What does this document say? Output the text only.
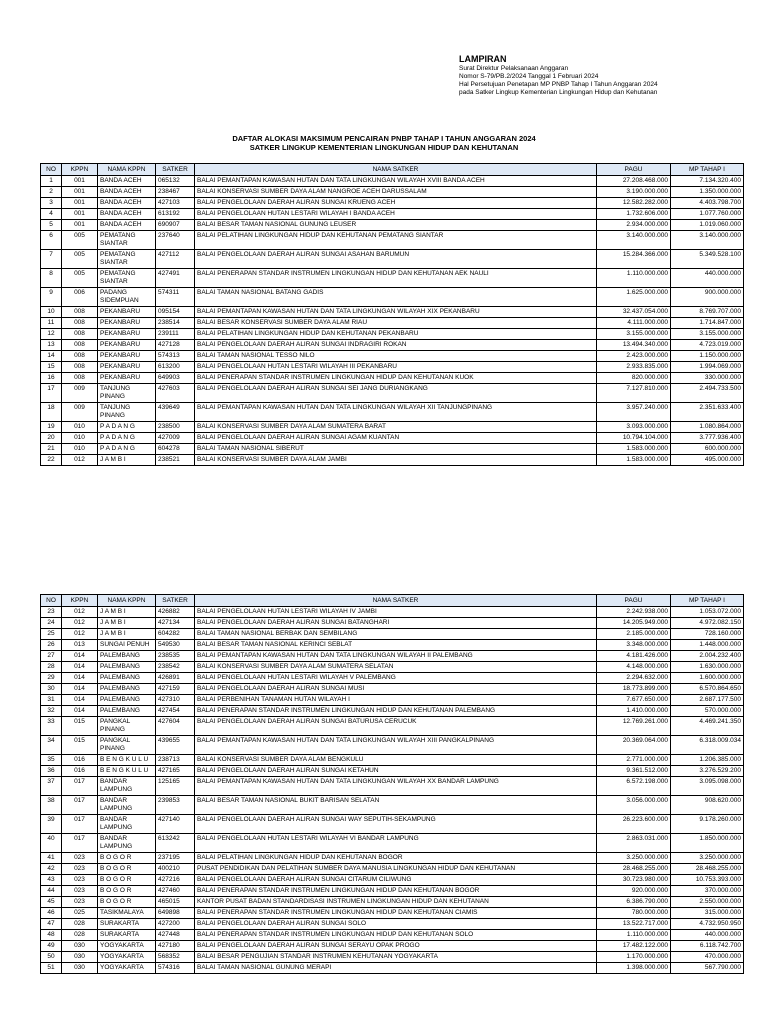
LAMPIRAN
Surat Direktur Pelaksanaan Anggaran
Nomor S-79/PB.2/2024 Tanggal 1 Februari 2024
Hal Persetujuan Penetapan MP PNBP Tahap I Tahun Anggaran 2024
pada Satker Lingkup Kementerian Lingkungan Hidup dan Kehutanan
DAFTAR ALOKASI MAKSIMUM PENCAIRAN PNBP TAHAP I TAHUN ANGGARAN 2024
SATKER LINGKUP KEMENTERIAN LINGKUNGAN HIDUP DAN KEHUTANAN
NO	KPPN	NAMA KPPN	SATKER	NAMA SATKER	PAGU	MP TAHAP I
1	001	BANDA ACEH	065132	BALAI PEMANTAPAN KAWASAN HUTAN DAN TATA LINGKUNGAN WILAYAH XVIII BANDA ACEH	27.208.468.000	7.134.320.400
2	001	BANDA ACEH	238467	BALAI KONSERVASI SUMBER DAYA ALAM NANGROE ACEH DARUSSALAM	3.190.000.000	1.350.000.000
3	001	BANDA ACEH	427103	BALAI PENGELOLAAN DAERAH ALIRAN SUNGAI KRUENG ACEH	12.582.282.000	4.403.798.700
4	001	BANDA ACEH	613192	BALAI PENGELOLAAN HUTAN LESTARI WILAYAH I BANDA ACEH	1.732.606.000	1.077.760.000
5	001	BANDA ACEH	690907	BALAI BESAR TAMAN NASIONAL GUNUNG LEUSER	2.934.000.000	1.019.060.000
6	005	PEMATANG SIANTAR	237640	BALAI PELATIHAN LINGKUNGAN HIDUP DAN KEHUTANAN PEMATANG SIANTAR	3.140.000.000	3.140.000.000
7	005	PEMATANG SIANTAR	427112	BALAI PENGELOLAAN DAERAH ALIRAN SUNGAI ASAHAN BARUMUN	15.284.366.000	5.349.528.100
8	005	PEMATANG SIANTAR	427491	BALAI PENERAPAN STANDAR INSTRUMEN LINGKUNGAN HIDUP DAN KEHUTANAN AEK NAULI	1.110.000.000	440.000.000
9	006	PADANG SIDEMPUAN	574311	BALAI TAMAN NASIONAL BATANG GADIS	1.625.000.000	900.000.000
10	008	PEKANBARU	095154	BALAI PEMANTAPAN KAWASAN HUTAN DAN TATA LINGKUNGAN WILAYAH XIX PEKANBARU	32.437.054.000	8.769.707.000
11	008	PEKANBARU	238514	BALAI BESAR KONSERVASI SUMBER DAYA ALAM RIAU	4.111.000.000	1.714.847.000
12	008	PEKANBARU	239111	BALAI PELATIHAN LINGKUNGAN HIDUP DAN KEHUTANAN PEKANBARU	3.155.000.000	3.155.000.000
13	008	PEKANBARU	427128	BALAI PENGELOLAAN DAERAH ALIRAN SUNGAI INDRAGIRI ROKAN	13.494.340.000	4.723.019.000
14	008	PEKANBARU	574313	BALAI TAMAN NASIONAL TESSO NILO	2.423.000.000	1.150.000.000
15	008	PEKANBARU	613200	BALAI PENGELOLAAN HUTAN LESTARI WILAYAH III PEKANBARU	2.933.835.000	1.994.069.000
16	008	PEKANBARU	649903	BALAI PENERAPAN STANDAR INSTRUMEN LINGKUNGAN HIDUP DAN KEHUTANAN KUOK	820.000.000	330.000.000
17	009	TANJUNG PINANG	427603	BALAI PENGELOLAAN DAERAH ALIRAN SUNGAI SEI JANG DURIANGKANG	7.127.810.000	2.494.733.500
18	009	TANJUNG PINANG	439649	BALAI PEMANTAPAN KAWASAN HUTAN DAN TATA LINGKUNGAN WILAYAH XII TANJUNGPINANG	3.957.240.000	2.351.633.400
19	010	P A D A N G	238500	BALAI KONSERVASI SUMBER DAYA ALAM SUMATERA BARAT	3.093.000.000	1.080.864.000
20	010	P A D A N G	427009	BALAI PENGELOLAAN DAERAH ALIRAN SUNGAI AGAM KUANTAN	10.794.104.000	3.777.936.400
21	010	P A D A N G	604278	BALAI TAMAN NASIONAL SIBERUT	1.583.000.000	600.000.000
22	012	J A M B I	238521	BALAI KONSERVASI SUMBER DAYA ALAM JAMBI	1.583.000.000	495.000.000
NO	KPPN	NAMA KPPN	SATKER	NAMA SATKER	PAGU	MP TAHAP I
23	012	J A M B I	426882	BALAI PENGELOLAAN HUTAN LESTARI WILAYAH IV JAMBI	2.242.938.000	1.053.072.000
24	012	J A M B I	427134	BALAI PENGELOLAAN DAERAH ALIRAN SUNGAI BATANGHARI	14.205.949.000	4.972.082.150
25	012	J A M B I	604282	BALAI TAMAN NASIONAL BERBAK DAN SEMBILANG	2.185.000.000	728.160.000
26	013	SUNGAI PENUH	549530	BALAI BESAR TAMAN NASIONAL KERINCI SEBLAT	3.348.000.000	1.448.000.000
27	014	PALEMBANG	238535	BALAI PEMANTAPAN KAWASAN HUTAN DAN TATA LINGKUNGAN WILAYAH II PALEMBANG	4.181.426.000	2.004.232.400
28	014	PALEMBANG	238542	BALAI KONSERVASI SUMBER DAYA ALAM SUMATERA SELATAN	4.148.000.000	1.630.000.000
29	014	PALEMBANG	426891	BALAI PENGELOLAAN HUTAN LESTARI WILAYAH V PALEMBANG	2.294.632.000	1.600.000.000
30	014	PALEMBANG	427159	BALAI PENGELOLAAN DAERAH ALIRAN SUNGAI MUSI	18.773.899.000	6.570.864.650
31	014	PALEMBANG	427310	BALAI PERBENIHAN TANAMAN HUTAN WILAYAH I	7.677.650.000	2.687.177.500
32	014	PALEMBANG	427454	BALAI PENERAPAN STANDAR INSTRUMEN LINGKUNGAN HIDUP DAN KEHUTANAN PALEMBANG	1.410.000.000	570.000.000
33	015	PANGKAL PINANG	427604	BALAI PENGELOLAAN DAERAH ALIRAN SUNGAI BATURUSA CERUCUK	12.769.261.000	4.469.241.350
34	015	PANGKAL PINANG	439655	BALAI PEMANTAPAN KAWASAN HUTAN DAN TATA LINGKUNGAN WILAYAH XIII PANGKALPINANG	20.369.064.000	6.318.009.034
35	016	B E N G K U L U	238713	BALAI KONSERVASI SUMBER DAYA ALAM BENGKULU	2.771.000.000	1.206.385.000
36	016	B E N G K U L U	427165	BALAI PENGELOLAAN DAERAH ALIRAN SUNGAI KETAHUN	9.361.512.000	3.276.529.200
37	017	BANDAR LAMPUNG	125165	BALAI PEMANTAPAN KAWASAN HUTAN DAN TATA LINGKUNGAN WILAYAH XX BANDAR LAMPUNG	6.572.198.000	3.095.098.000
38	017	BANDAR LAMPUNG	239853	BALAI BESAR TAMAN NASIONAL BUKIT BARISAN SELATAN	3.056.000.000	908.620.000
39	017	BANDAR LAMPUNG	427140	BALAI PENGELOLAAN DAERAH ALIRAN SUNGAI WAY SEPUTIH-SEKAMPUNG	26.223.600.000	9.178.260.000
40	017	BANDAR LAMPUNG	613242	BALAI PENGELOLAAN HUTAN LESTARI WILAYAH VI BANDAR LAMPUNG	2.863.031.000	1.850.000.000
41	023	B O G O R	237195	BALAI PELATIHAN LINGKUNGAN HIDUP DAN KEHUTANAN BOGOR	3.250.000.000	3.250.000.000
42	023	B O G O R	400210	PUSAT PENDIDIKAN DAN PELATIHAN SUMBER DAYA MANUSIA LINGKUNGAN HIDUP DAN KEHUTANAN	28.468.255.000	28.468.255.000
43	023	B O G O R	427216	BALAI PENGELOLAAN DAERAH ALIRAN SUNGAI CITARUM CILIWUNG	30.723.980.000	10.753.393.000
44	023	B O G O R	427460	BALAI PENERAPAN STANDAR INSTRUMEN LINGKUNGAN HIDUP DAN KEHUTANAN BOGOR	920.000.000	370.000.000
45	023	B O G O R	465015	KANTOR PUSAT BADAN STANDARDISASI INSTRUMEN LINGKUNGAN HIDUP DAN KEHUTANAN	6.386.790.000	2.550.000.000
46	025	TASIKMALAYA	649898	BALAI PENERAPAN STANDAR INSTRUMEN LINGKUNGAN HIDUP DAN KEHUTANAN CIAMIS	780.000.000	315.000.000
47	028	SURAKARTA	427200	BALAI PENGELOLAAN DAERAH ALIRAN SUNGAI SOLO	13.522.717.000	4.732.950.950
48	028	SURAKARTA	427448	BALAI PENERAPAN STANDAR INSTRUMEN LINGKUNGAN HIDUP DAN KEHUTANAN SOLO	1.110.000.000	440.000.000
49	030	YOGYAKARTA	427180	BALAI PENGELOLAAN DAERAH ALIRAN SUNGAI SERAYU OPAK PROGO	17.482.122.000	6.118.742.700
50	030	YOGYAKARTA	568352	BALAI BESAR PENGUJIAN STANDAR INSTRUMEN KEHUTANAN YOGYAKARTA	1.170.000.000	470.000.000
51	030	YOGYAKARTA	574316	BALAI TAMAN NASIONAL GUNUNG MERAPI	1.398.000.000	567.790.000
